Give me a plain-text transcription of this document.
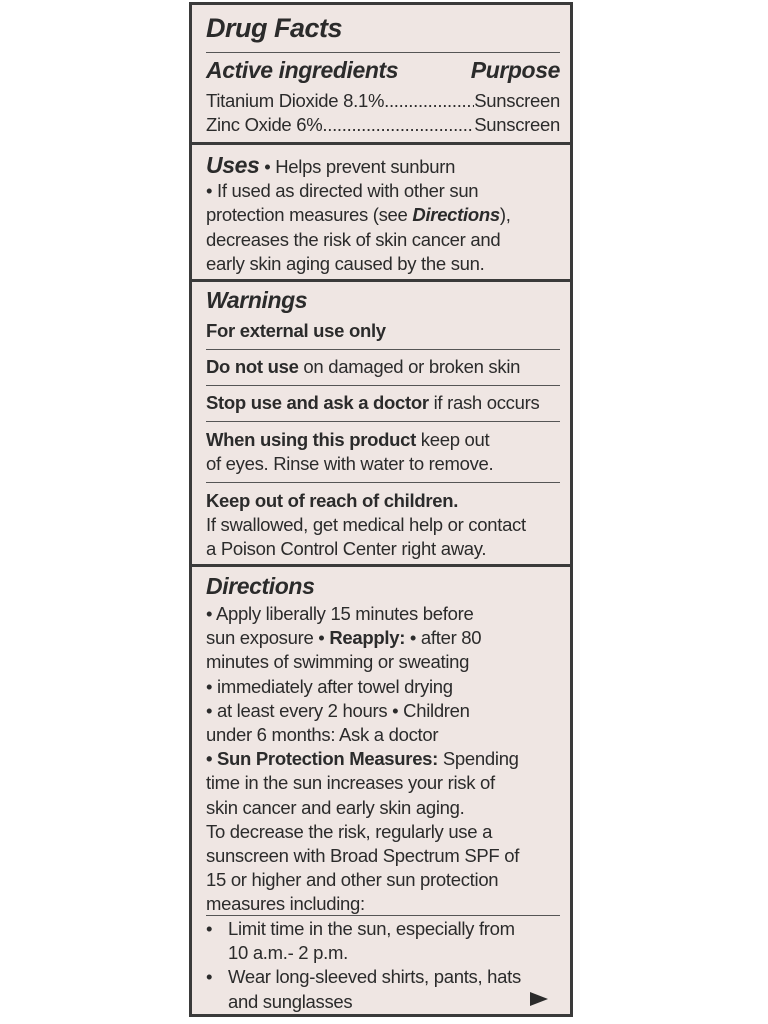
Drug Facts
Active ingredients	Purpose
Titanium Dioxide 8.1% .....	Sunscreen
Zinc Oxide 6% .....	Sunscreen
Uses • Helps prevent sunburn
• If used as directed with other sun
protection measures (see Directions),
decreases the risk of skin cancer and
early skin aging caused by the sun.
Warnings
For external use only
Do not use on damaged or broken skin
Stop use and ask a doctor if rash occurs
When using this product keep out
of eyes. Rinse with water to remove.
Keep out of reach of children.
If swallowed, get medical help or contact
a Poison Control Center right away.
Directions
• Apply liberally 15 minutes before
sun exposure • Reapply: • after 80
minutes of swimming or sweating
• immediately after towel drying
• at least every 2 hours • Children
under 6 months: Ask a doctor
• Sun Protection Measures: Spending
time in the sun increases your risk of
skin cancer and early skin aging.
To decrease the risk, regularly use a
sunscreen with Broad Spectrum SPF of
15 or higher and other sun protection
measures including:
• Limit time in the sun, especially from
10 a.m.- 2 p.m.
• Wear long-sleeved shirts, pants, hats
and sunglasses
